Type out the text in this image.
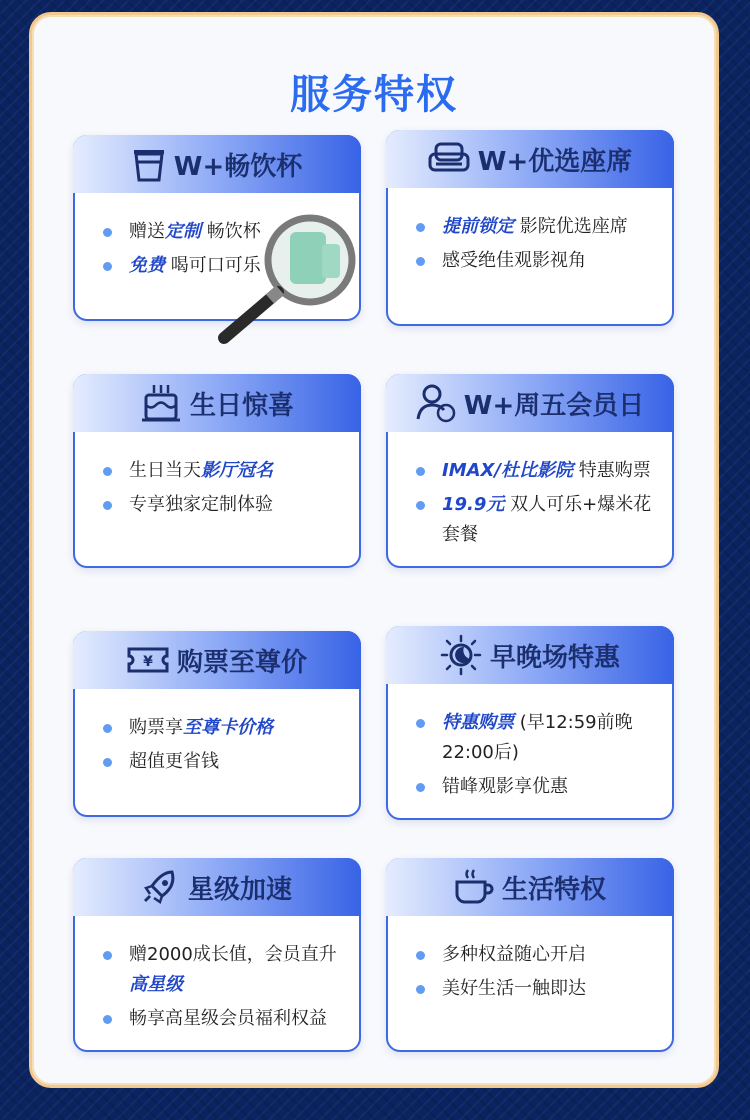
服务特权
W+畅饮杯
赠送定制 畅饮杯
免费 喝可口可乐
W+优选座席
提前锁定 影院优选座席
感受绝佳观影视角
生日惊喜
生日当天影厅冠名
专享独家定制体验
W+周五会员日
IMAX/杜比影院 特惠购票
19.9元 双人可乐+爆米花套餐
¥ 购票至尊价
购票享至尊卡价格
超值更省钱
早晚场特惠
特惠购票 (早12:59前晚22:00后)
错峰观影享优惠
星级加速
赠2000成长值，会员直升高星级
畅享高星级会员福利权益
生活特权
多种权益随心开启
美好生活一触即达
